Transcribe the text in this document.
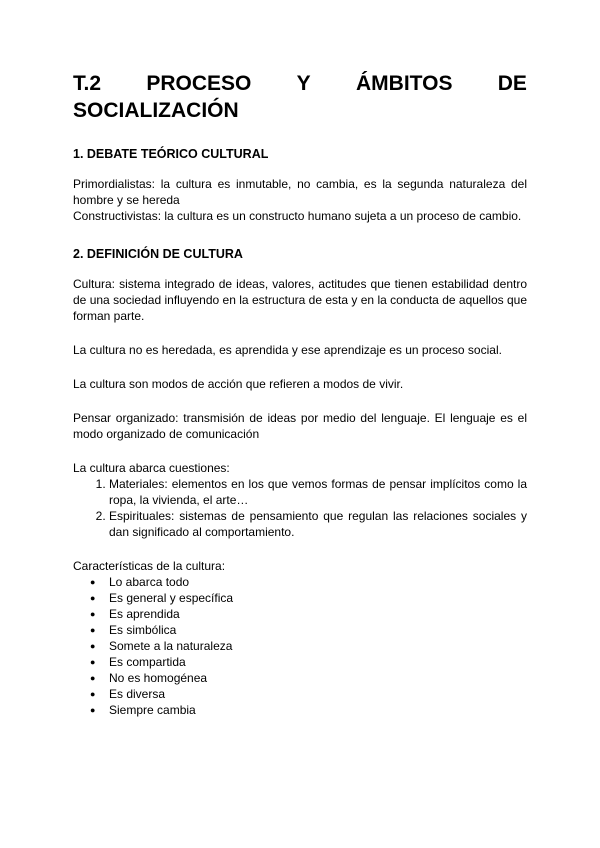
T.2 PROCESO Y ÁMBITOS DE
SOCIALIZACIÓN
1. DEBATE TEÓRICO CULTURAL

Primordialistas: la cultura es inmutable, no cambia, es la segunda naturaleza del hombre y se hereda

Constructivistas: la cultura es un constructo humano sujeta a un proceso de cambio.

2. DEFINICIÓN DE CULTURA

Cultura: sistema integrado de ideas, valores, actitudes que tienen estabilidad dentro de una sociedad influyendo en la estructura de esta y en la conducta de aquellos que forman parte.

La cultura no es heredada, es aprendida y ese aprendizaje es un proceso social.

La cultura son modos de acción que refieren a modos de vivir.

Pensar organizado: transmisión de ideas por medio del lenguaje. El lenguaje es el modo organizado de comunicación

La cultura abarca cuestiones:

1. Materiales: elementos en los que vemos formas de pensar implícitos como la ropa, la vivienda, el arte…
2. Espirituales: sistemas de pensamiento que regulan las relaciones sociales y dan significado al comportamiento.

Características de la cultura:

● Lo abarca todo
● Es general y específica
● Es aprendida
● Es simbólica
● Somete a la naturaleza
● Es compartida
● No es homogénea
● Es diversa
● Siempre cambia
